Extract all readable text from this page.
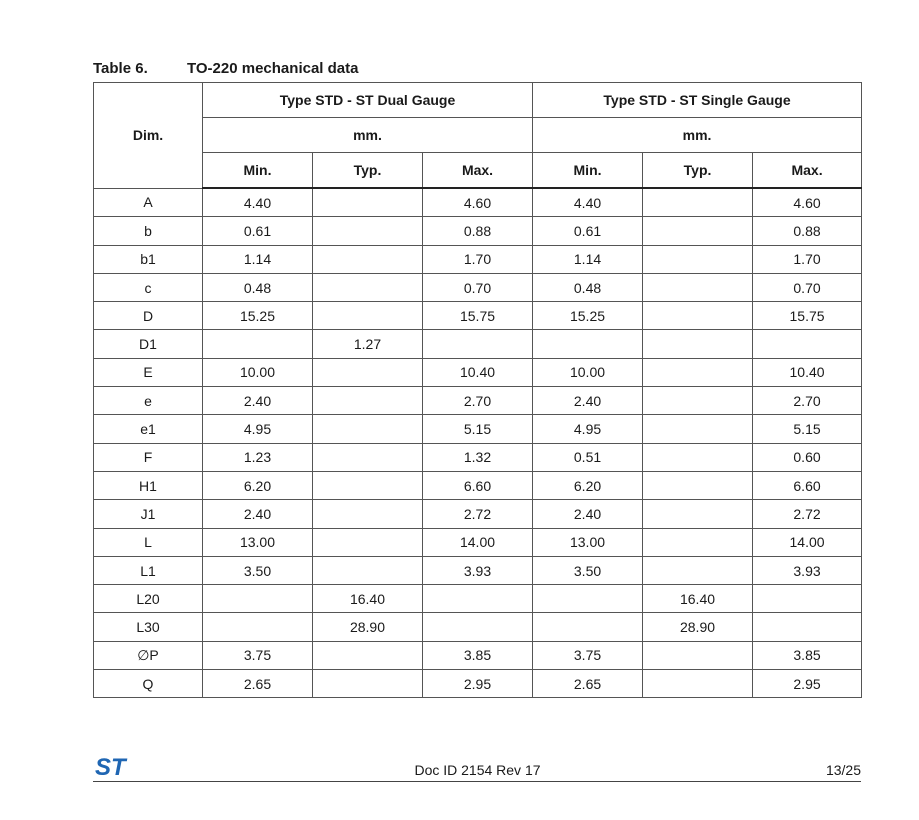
Table 6.	TO-220 mechanical data
Dim.	Type STD - ST Dual Gauge			Type STD - ST Single Gauge		
	mm.			mm.		
	Min.	Typ.	Max.	Min.	Typ.	Max.
A	4.40		4.60	4.40		4.60
b	0.61		0.88	0.61		0.88
b1	1.14		1.70	1.14		1.70
c	0.48		0.70	0.48		0.70
D	15.25		15.75	15.25		15.75
D1		1.27				
E	10.00		10.40	10.00		10.40
e	2.40		2.70	2.40		2.70
e1	4.95		5.15	4.95		5.15
F	1.23		1.32	0.51		0.60
H1	6.20		6.60	6.20		6.60
J1	2.40		2.72	2.40		2.72
L	13.00		14.00	13.00		14.00
L1	3.50		3.93	3.50		3.93
L20		16.40			16.40	
L30		28.90			28.90	
∅P	3.75		3.85	3.75		3.85
Q	2.65		2.95	2.65		2.95
ST	Doc ID 2154 Rev 17	13/25
